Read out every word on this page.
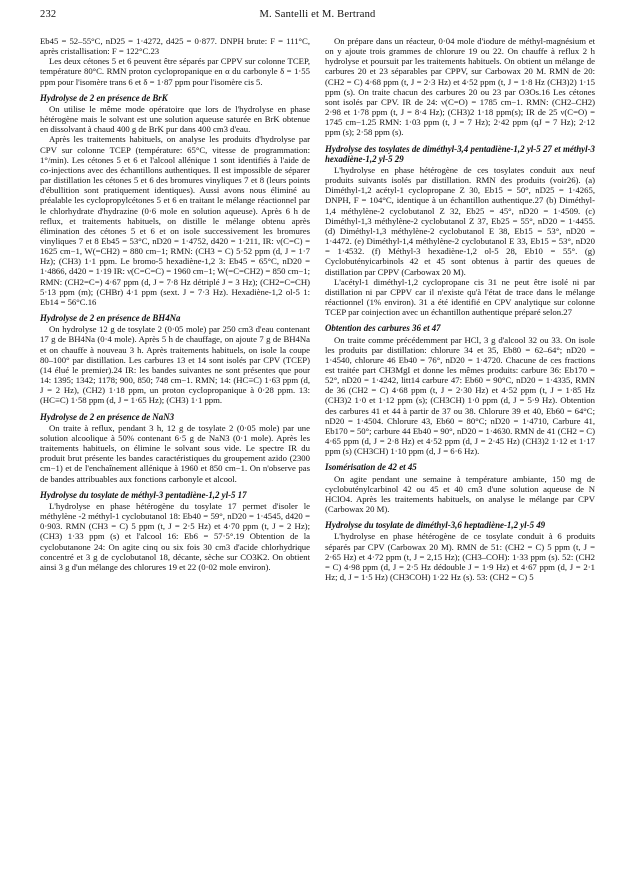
232	M. Santelli et M. Bertrand

Eb45 = 52–55°C, nD25 = 1·4272, d425 = 0·877. DNPH brute: F = 111°C, après cristallisation: F = 122°C.23

Les deux cétones 5 et 6 peuvent être séparés par CPPV sur colonne TCEP, température 80°C. RMN proton cyclopropanique en α du carbonyle δ = 1·55 ppm pour l'isomère trans 6 et δ = 1·87 ppm pour l'isomère cis 5.

Hydrolyse de 2 en présence de BrK

On utilise le même mode opératoire que lors de l'hydrolyse en phase hétérogène mais le solvant est une solution aqueuse saturée en BrK obtenue en dissolvant à chaud 400 g de BrK pur dans 400 cm3 d'eau.

Après les traitements habituels, on analyse les produits d'hydrolyse par CPV sur colonne TCEP (température: 65°C, vitesse de programmation: 1°/min). Les cétones 5 et 6 et l'alcool allénique 1 sont identifiés à l'aide de co-injections avec des échantillons authentiques. Il est impossible de séparer par distillation les cétones 5 et 6 des bromures vinyliques 7 et 8 (leurs points d'ébullition sont pratiquement identiques). Aussi avons nous éliminé au préalable les cyclopropylcétones 5 et 6 en traitant le mélange réactionnel par le chlorhydrate d'hydrazine (0·6 mole en solution aqueuse). Après 6 h de reflux, et traitements habituels, on distille le mélange obtenu après élimination des cétones 5 et 6 et on isole successivement les bromures vinyliques 7 et 8 Eb45 = 53°C, nD20 = 1·4752, d420 = 1·211, IR: ν(C=C) = 1625 cm−1, W(=CH2) = 880 cm−1; RMN: (CH3 = C) 5·52 ppm (d, J = 1·7 Hz); (CH3) 1·1 ppm. Le bromo-5 hexadiène-1,2 3: Eb45 = 65°C, nD20 = 1·4866, d420 = 1·19 IR: ν(C=C=C) = 1960 cm−1; W(=C=CH2) = 850 cm−1; RMN: (CH2=C=) 4·67 ppm (d, J = 7·8 Hz détriplé J = 3 Hz); (CH2=C=CH) 5·13 ppm (m); (CHBr) 4·1 ppm (sext. J = 7·3 Hz). Hexadiène-1,2 ol-5 1: Eb14 = 56°C.16

Hydrolyse de 2 en présence de BH4Na

On hydrolyse 12 g de tosylate 2 (0·05 mole) par 250 cm3 d'eau contenant 17 g de BH4Na (0·4 mole). Après 5 h de chauffage, on ajoute 7 g de BH4Na et on chauffe à nouveau 3 h. Après traitements habituels, on isole la coupe 80–100° par distillation. Les carbures 13 et 14 sont isolés par CPV (TCEP) (14 élué le premier).24 IR: les bandes suivantes ne sont présentes que pour 14: 1395; 1342; 1178; 900, 850; 748 cm−1. RMN; 14: (HC≡C) 1·63 ppm (d, J = 2 Hz), (CH2) 1·18 ppm, un proton cyclopropanique à 0·28 ppm. 13: (HC≡C) 1·58 ppm (d, J = 1·65 Hz); (CH3) 1·1 ppm.

Hydrolyse de 2 en présence de NaN3

On traite à reflux, pendant 3 h, 12 g de tosylate 2 (0·05 mole) par une solution alcoolique à 50% contenant 6·5 g de NaN3 (0·1 mole). Après les traitements habituels, on élimine le solvant sous vide. Le spectre IR du produit brut présente les bandes caractéristiques du groupement azido (2300 cm−1) et de l'enchaînement allénique à 1960 et 850 cm−1. On n'observe pas de bandes attribuables aux fonctions carbonyle et alcool.

Hydrolyse du tosylate de méthyl-3 pentadiène-1,2 yl-5 17

L'hydrolyse en phase hétérogène du tosylate 17 permet d'isoler le méthylène -2 méthyl-1 cyclobutanol 18: Eb40 = 59°, nD20 = 1·4545, d420 = 0·903. RMN (CH3 = C) 5 ppm (t, J = 2·5 Hz) et 4·70 ppm (t, J = 2 Hz); (CH3) 1·33 ppm (s) et l'alcool 16: Eb6 = 57·5°.19 Obtention de la cyclobutanone 24: On agite cinq ou six fois 30 cm3 d'acide chlorhydrique concentré et 3 g de cyclobutanol 18, décante, sèche sur CO3K2. On obtient ainsi 3 g d'un mélange des chlorures 19 et 22 (0·02 mole environ).

On prépare dans un réacteur, 0·04 mole d'iodure de méthyl-magnésium et on y ajoute trois grammes de chlorure 19 ou 22. On chauffe à reflux 2 h hydrolyse et poursuit par les traitements habituels. On obtient un mélange de carbures 20 et 23 séparables par CPPV, sur Carbowax 20 M. RMN de 20: (CH2 = C) 4·68 ppm (t, J = 2·3 Hz) et 4·52 ppm (t, J = 1·8 Hz (CH3)2) 1·15 ppm (s). On traite chacun des carbures 20 ou 23 par O3Os.16 Les cétones sont isolés par CPV. IR de 24: ν(C=O) = 1785 cm−1. RMN: (CH2–CH2) 2·98 et 1·78 ppm (t, J = 8·4 Hz); (CH3)2 1·18 ppm(s); IR de 25 ν(C=O) = 1745 cm−1.25 RMN: 1·03 ppm (t, J = 7 Hz); 2·42 ppm (qJ = 7 Hz); 2·12 ppm (s); 2·58 ppm (s).

Hydrolyse des tosylates de diméthyl-3,4 pentadiène-1,2 yl-5 27 et méthyl-3 hexadiène-1,2 yl-5 29

L'hydrolyse en phase hétérogène de ces tosylates conduit aux neuf produits suivants isolés par distillation. RMN des produits (voir26). (a) Diméthyl-1,2 acétyl-1 cyclopropane Z 30, Eb15 = 50°, nD25 = 1·4265, DNPH, F = 104°C, identique à un échantillon authentique.27 (b) Diméthyl-1,4 méthylène-2 cyclobutanol Z 32, Eb25 = 45°, nD20 = 1·4509. (c) Diméthyl-1,3 méthylène-2 cyclobutanol Z 37, Eb25 = 55°, nD20 = 1·4455. (d) Diméthyl-1,3 méthylène-2 cyclobutanol E 38, Eb15 = 53°, nD20 = 1·4472. (e) Diméthyl-1,4 méthylène-2 cyclobutanol E 33, Eb15 = 53°, nD20 = 1·4532. (f) Méthyl-3 hexadiène-1,2 ol-5 28, Eb10 = 55°. (g) Cyclobutényicarbinols 42 et 45 sont obtenus à partir des queues de distillation par CPPV (Carbowax 20 M).

L'acétyl-1 diméthyl-1,2 cyclopropane cis 31 ne peut être isolé ni par distillation ni par CPPV car il n'existe qu'à l'état de trace dans le mélange réactionnel (1% environ). 31 a été identifié en CPV analytique sur colonne TCEP par coinjection avec un échantillon authentique préparé selon.27

Obtention des carbures 36 et 47

On traite comme précédemment par HCl, 3 g d'alcool 32 ou 33. On isole les produits par distillation: chlorure 34 et 35, Eb80 = 62–64°; nD20 = 1·4540, chlorure 46 Eb40 = 76°, nD20 = 1·4720. Chacune de ces fractions est traitée part CH3MgI et donne les mêmes produits: carbure 36: Eb170 = 52°, nD20 = 1·4242, litt14 carbure 47: Eb60 = 90°C, nD20 = 1·4335, RMN de 36 (CH2 = C) 4·68 ppm (t, J = 2·30 Hz) et 4·52 ppm (t, J = 1·85 Hz (CH3)2 1·0 et 1·12 ppm (s); (CH3CH) 1·0 ppm (d, J = 5·9 Hz). Obtention des carbures 41 et 44 à partir de 37 ou 38. Chlorure 39 et 40, Eb60 = 64°C; nD20 = 1·4504. Chlorure 43, Eb60 = 80°C; nD20 = 1·4710, Carbure 41, Eb170 = 50°; carbure 44 Eb40 = 90°, nD20 = 1·4630. RMN de 41 (CH2 = C) 4·65 ppm (d, J = 2·8 Hz) et 4·52 ppm (d, J = 2·45 Hz) (CH3)2 1·12 et 1·17 ppm (s) (CH3CH) 1·10 ppm (d, J = 6·6 Hz).

Isomérisation de 42 et 45

On agite pendant une semaine à température ambiante, 150 mg de cyclobuténylcarbinol 42 ou 45 et 40 cm3 d'une solution aqueuse de N HClO4. Après les traitements habituels, on analyse le mélange par CPV (Carbowax 20 M).

Hydrolyse du tosylate de diméthyl-3,6 heptadiène-1,2 yl-5 49

L'hydrolyse en phase hétérogène de ce tosylate conduit à 6 produits séparés par CPV (Carbowax 20 M). RMN de 51: (CH2 = C) 5 ppm (t, J = 2·65 Hz) et 4·72 ppm (t, J = 2,15 Hz); (CH3–COH): 1·33 ppm (s). 52: (CH2 = C) 4·98 ppm (d, J = 2·5 Hz dédouble J = 1·9 Hz) et 4·67 ppm (d, J = 2·1 Hz; d, J = 1·5 Hz) (CH3COH) 1·22 Hz (s). 53: (CH2 = C) 5
